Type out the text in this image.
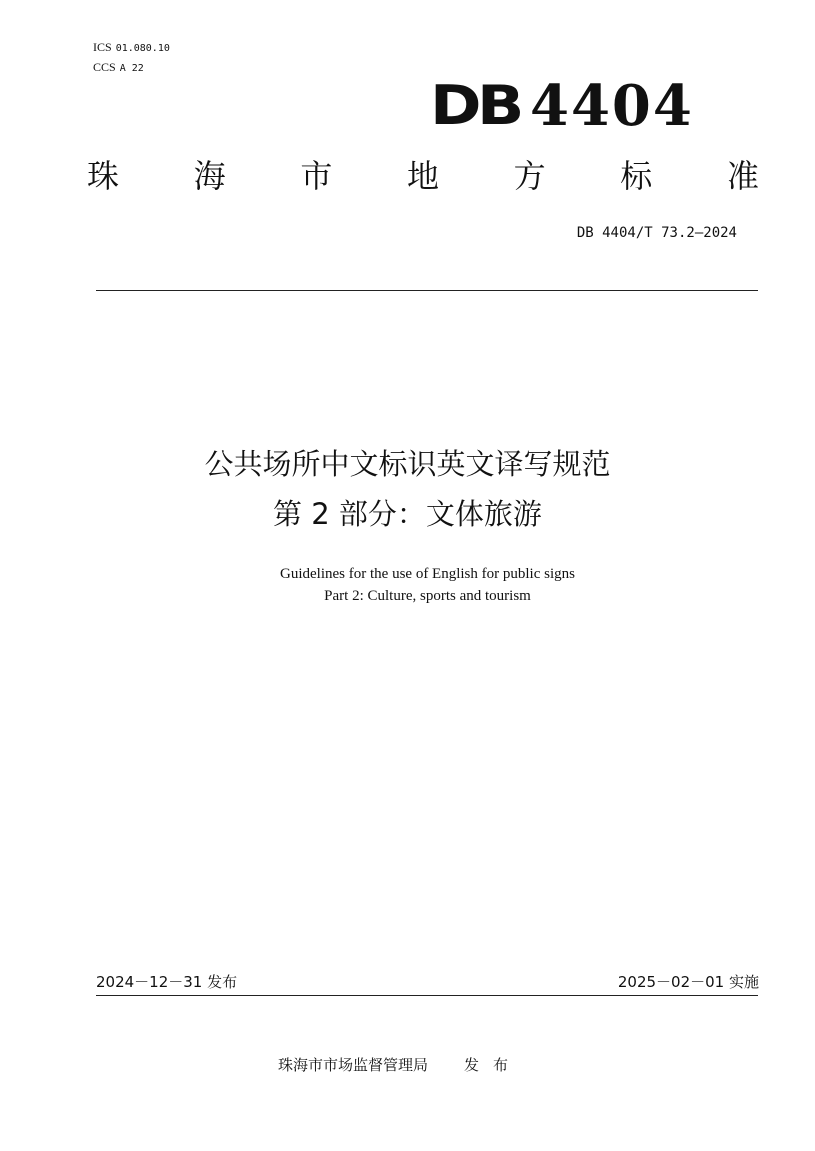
ICS 01.080.10
CCS A 22
DB 4404
珠 海 市 地 方 标 准
DB 4404/T 73.2—2024
公共场所中文标识英文译写规范
第 2 部分：文体旅游
Guidelines for the use of English for public signs
Part 2: Culture, sports and tourism
2024－12－31 发布	2025－02－01 实施
珠海市市场监督管理局 发布
